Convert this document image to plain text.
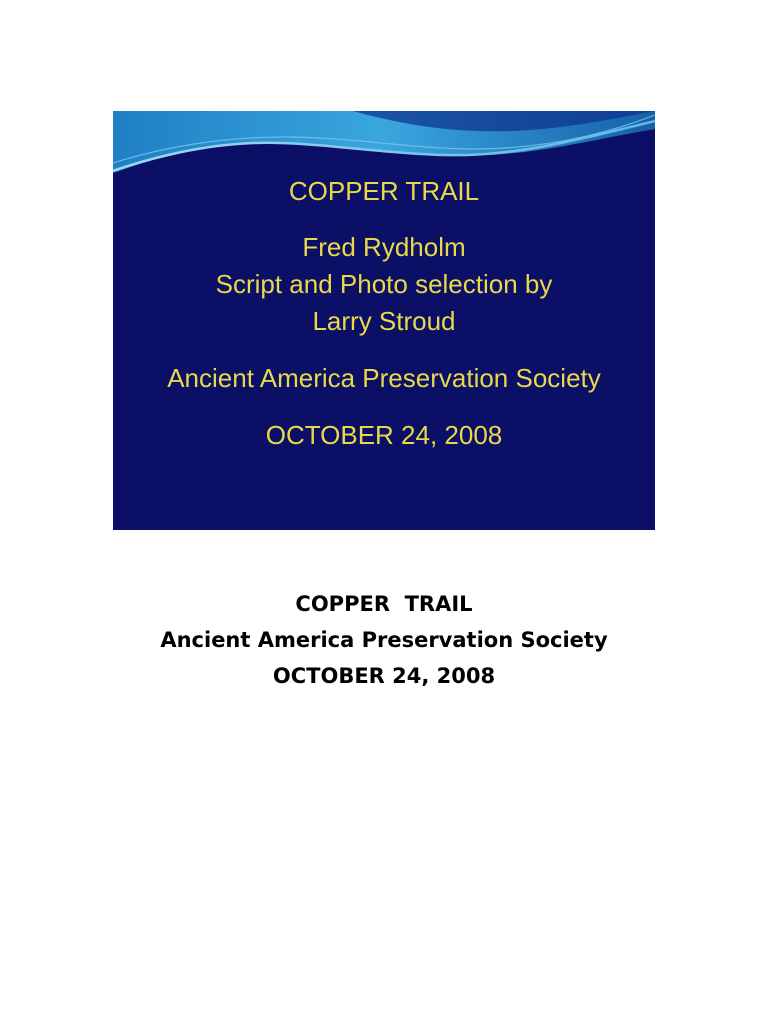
COPPER TRAIL
Fred Rydholm
Script and Photo selection by
Larry Stroud
Ancient America Preservation Society
OCTOBER 24, 2008
COPPER  TRAIL
Ancient America Preservation Society
OCTOBER 24, 2008
